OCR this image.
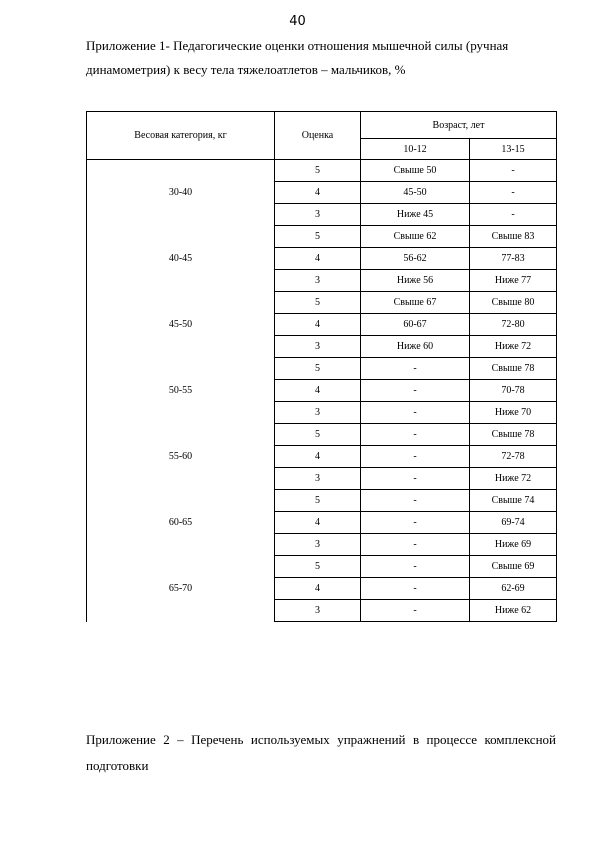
40
Приложение 1- Педагогические оценки отношения мышечной силы (ручная динамометрия) к весу тела тяжелоатлетов – мальчиков, %
Весовая категория, кг	Оценка	Возраст, лет	
		10-12	13-15
30-40	5	Свыше 50	-
	4	45-50	-
	3	Ниже 45	-
40-45	5	Свыше 62	Свыше 83
	4	56-62	77-83
	3	Ниже 56	Ниже 77
45-50	5	Свыше 67	Свыше 80
	4	60-67	72-80
	3	Ниже 60	Ниже 72
50-55	5	-	Свыше 78
	4	-	70-78
	3	-	Ниже 70
55-60	5	-	Свыше 78
	4	-	72-78
	3	-	Ниже 72
60-65	5	-	Свыше 74
	4	-	69-74
	3	-	Ниже 69
65-70	5	-	Свыше 69
	4	-	62-69
	3	-	Ниже 62
Приложение 2 – Перечень используемых упражнений в процессе комплексной подготовки
